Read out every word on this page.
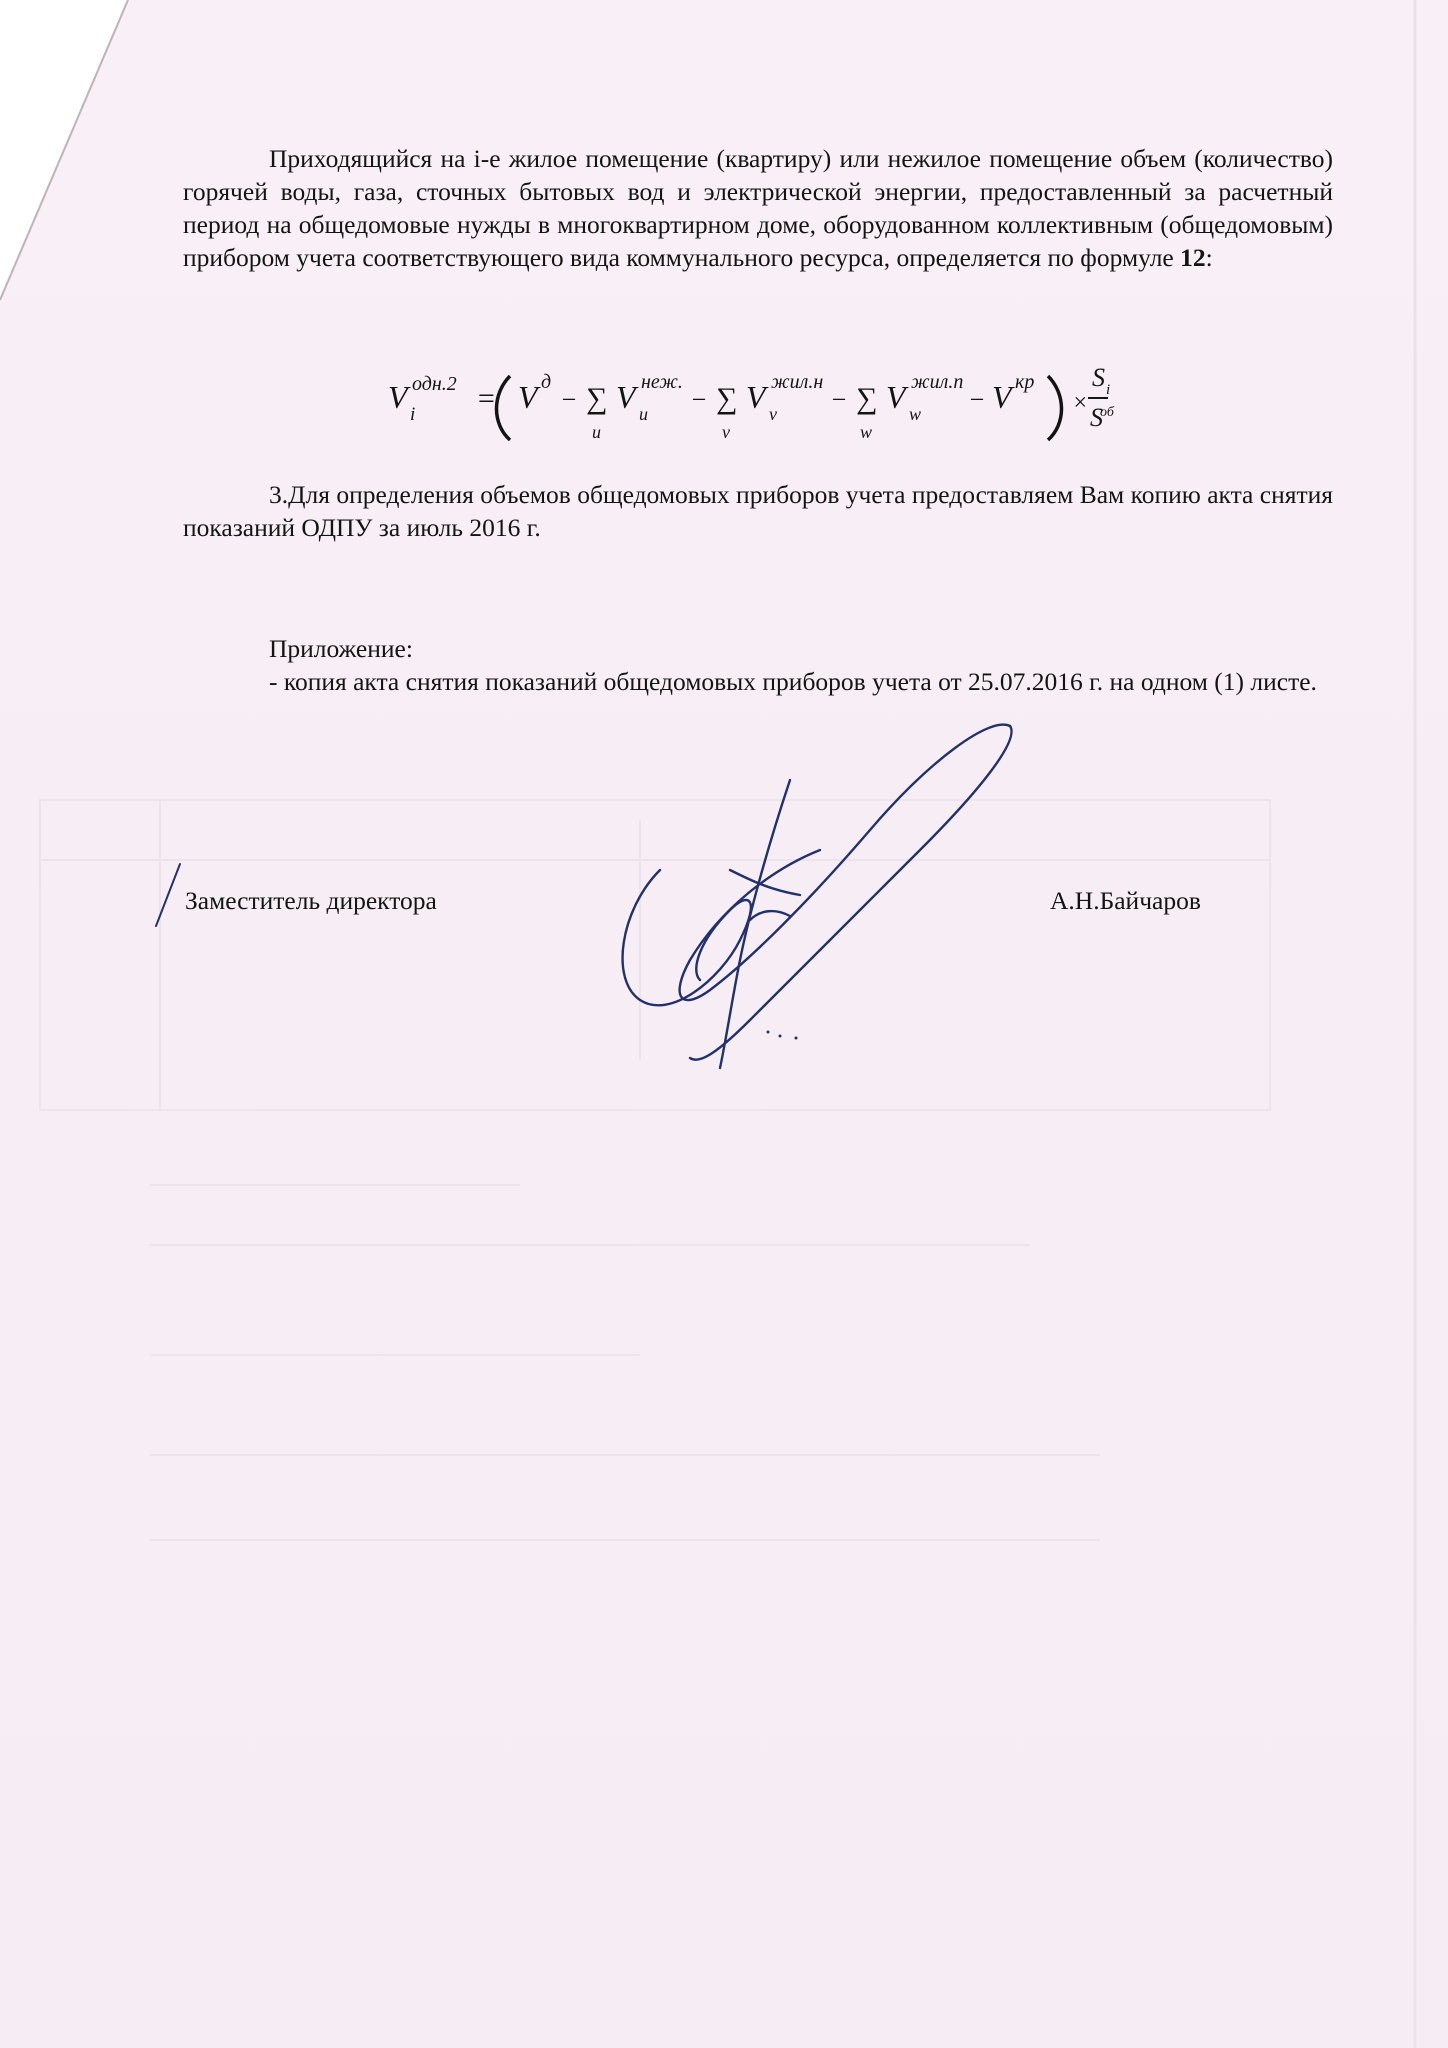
Приходящийся на i-е жилое помещение (квартиру) или нежилое помещение объем (количество) горячей воды, газа, сточных бытовых вод и электрической энергии, предоставленный за расчетный период на общедомовые нужды в многоквартирном доме, оборудованном коллективным (общедомовым) прибором учета соответствующего вида коммунального ресурса, определяется по формуле 12:
V i
одн.2 = V д
− ∑
u
V u
неж.
− ∑
v
V v
жил.н
− ∑
w
V w
жил.п
− V кр
×
S i
S
об
3.Для определения объемов общедомовых приборов учета предоставляем Вам копию акта снятия показаний ОДПУ за июль 2016 г.
Приложение:
- копия акта снятия показаний общедомовых приборов учета от 25.07.2016 г. на одном (1) листе.
Заместитель директора	А.Н.Байчаров
